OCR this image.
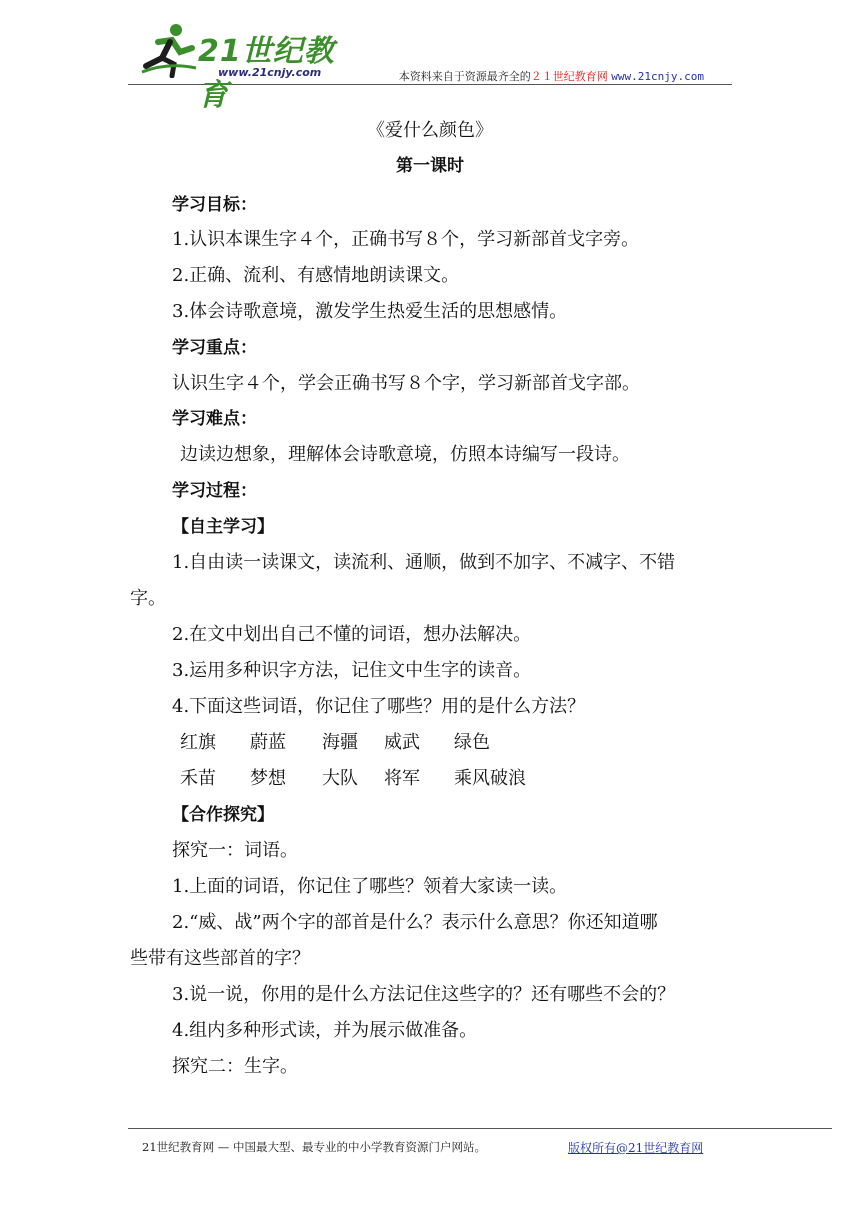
21世纪教育
www.21cnjy.com	本资料来自于资源最齐全的２１世纪教育网 www.21cnjy.com
《爱什么颜色》
第一课时
学习目标：
1.认识本课生字４个，正确书写８个，学习新部首戈字旁。
2.正确、流利、有感情地朗读课文。
3.体会诗歌意境，激发学生热爱生活的思想感情。
学习重点：
认识生字４个，学会正确书写８个字，学习新部首戈字部。
学习难点：
边读边想象，理解体会诗歌意境，仿照本诗编写一段诗。
学习过程：
【自主学习】
1.自由读一读课文，读流利、通顺，做到不加字、不减字、不错
字。
2.在文中划出自己不懂的词语，想办法解决。
3.运用多种识字方法，记住文中生字的读音。
4.下面这些词语，你记住了哪些？用的是什么方法？
红旗 蔚蓝 海疆 威武 绿色
禾苗 梦想 大队 将军 乘风破浪
【合作探究】
探究一：词语。
1.上面的词语，你记住了哪些？领着大家读一读。
2.“威、战”两个字的部首是什么？表示什么意思？你还知道哪
些带有这些部首的字？
3.说一说，你用的是什么方法记住这些字的？还有哪些不会的？
4.组内多种形式读，并为展示做准备。
探究二：生字。
21世纪教育网 — 中国最大型、最专业的中小学教育资源门户网站。	版权所有@21世纪教育网
